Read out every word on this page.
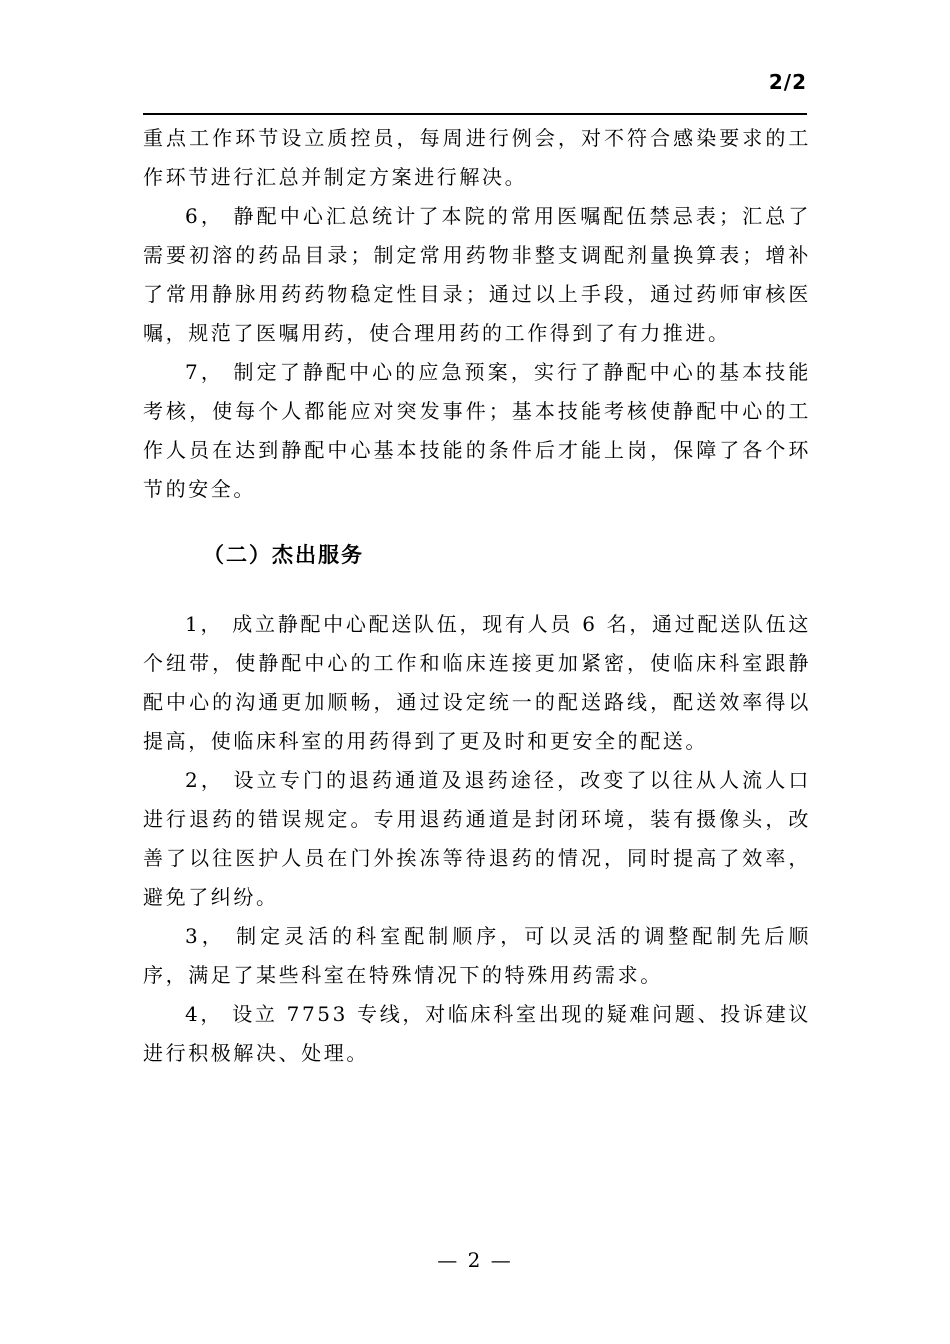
2/2

重点工作环节设立质控员，每周进行例会，对不符合感染要求的工作环节进行汇总并制定方案进行解决。

6， 静配中心汇总统计了本院的常用医嘱配伍禁忌表；汇总了需要初溶的药品目录；制定常用药物非整支调配剂量换算表；增补了常用静脉用药药物稳定性目录；通过以上手段，通过药师审核医嘱，规范了医嘱用药，使合理用药的工作得到了有力推进。

7， 制定了静配中心的应急预案，实行了静配中心的基本技能考核，使每个人都能应对突发事件；基本技能考核使静配中心的工作人员在达到静配中心基本技能的条件后才能上岗，保障了各个环节的安全。

（二）杰出服务

1， 成立静配中心配送队伍，现有人员 6 名，通过配送队伍这个纽带，使静配中心的工作和临床连接更加紧密，使临床科室跟静配中心的沟通更加顺畅，通过设定统一的配送路线，配送效率得以提高，使临床科室的用药得到了更及时和更安全的配送。

2， 设立专门的退药通道及退药途径，改变了以往从人流人口进行退药的错误规定。专用退药通道是封闭环境，装有摄像头，改善了以往医护人员在门外挨冻等待退药的情况，同时提高了效率，避免了纠纷。

3， 制定灵活的科室配制顺序，可以灵活的调整配制先后顺序，满足了某些科室在特殊情况下的特殊用药需求。

4， 设立 7753 专线，对临床科室出现的疑难问题、投诉建议进行积极解决、处理。

— 2 —
